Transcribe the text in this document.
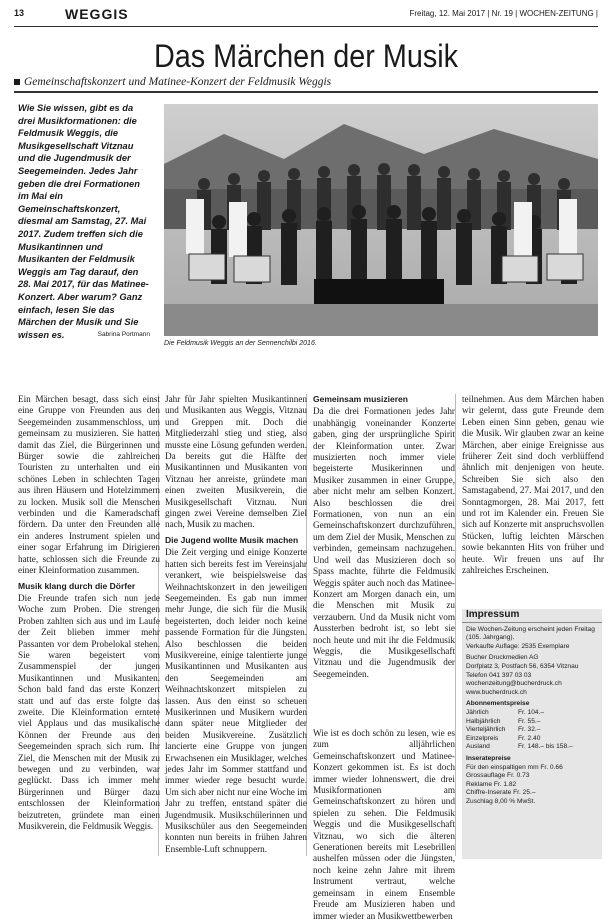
13	WEGGIS	Freitag, 12. Mai 2017 | Nr. 19 | WOCHEN-ZEITUNG |
Das Märchen der Musik
Gemeinschaftskonzert und Matinee-Konzert der Feldmusik Weggis
Wie Sie wissen, gibt es da drei Musikformationen: die Feldmusik Weggis, die Musikgesellschaft Vitznau und die Jugendmusik der Seegemeinden. Jedes Jahr geben die drei Formationen im Mai ein Gemeinschaftskonzert, diesmal am Samstag, 27. Mai 2017. Zudem treffen sich die Musikantinnen und Musikanten der Feldmusik Weggis am Tag darauf, den 28. Mai 2017, für das Matinee-Konzert. Aber warum? Ganz einfach, lesen Sie das Märchen der Musik und Sie wissen es.	Sabrina Portmann
Die Feldmusik Weggis an der Sennenchilbi 2016.

Ein Märchen besagt, dass sich einst eine Gruppe von Freunden aus den Seegemeinden zusammenschloss, um gemeinsam zu musizieren. Sie hatten damit das Ziel, die Bürgerinnen und Bürger sowie die zahlreichen Touristen zu unterhalten und ein schönes Leben in schlechten Tagen aus ihren Häusern und Hotelzimmern zu locken. Musik soll die Menschen verbinden und die Kameradschaft fördern. Da unter den Freunden alle ein anderes Instrument spielen und einer sogar Erfahrung im Dirigieren hatte, schlossen sich die Freunde zu einer Kleinformation zusammen.

Musik klang durch die Dörfer

Die Freunde trafen sich nun jede Woche zum Proben. Die strengen Proben zahlten sich aus und im Laufe der Zeit blieben immer mehr Passanten vor dem Probelokal stehen. Sie waren begeistert vom Zusammenspiel der jungen Musikantinnen und Musikanten. Schon bald fand das erste Konzert statt und auf das erste folgte das zweite. Die Kleinformation erntete viel Applaus und das musikalische Können der Freunde aus den Seegemeinden sprach sich rum. Ihr Ziel, die Menschen mit der Musik zu bewegen und zu verbinden, war geglückt. Dass ich immer mehr Bürgerinnen und Bürger dazu entschlossen der Kleinformation beizutreten, gründete man einen Musikverein, die Feldmusik Weggis.

Jahr für Jahr spielten Musikantinnen und Musikanten aus Weggis, Vitznau und Greppen mit. Doch die Mitgliederzahl stieg und stieg, also musste eine Lösung gefunden werden. Da bereits gut die Hälfte der Musikantinnen und Musikanten von Vitznau her anreiste, gründete man einen zweiten Musikverein, die Musikgesellschaft Vitznau. Nun gingen zwei Vereine demselben Ziel nach, Musik zu machen.

Die Jugend wollte Musik machen

Die Zeit verging und einige Konzerte hatten sich bereits fest im Vereinsjahr verankert, wie beispielsweise das Weihnachtskonzert in den jeweiligen Seegemeinden. Es gab nun immer mehr Junge, die sich für die Musik begeisterten, doch leider noch keine passende Formation für die Jüngsten. Also beschlossen die beiden Musikvereine, einige talentierte junge Musikantinnen und Musikanten aus den Seegemeinden am Weihnachtskonzert mitspielen zu lassen. Aus den einst so scheuen Musikerinnen und Musikern wurden dann später neue Mitglieder der beiden Musikvereine. Zusätzlich lancierte eine Gruppe von jungen Erwachsenen ein Musiklager, welches jedes Jahr im Sommer stattfand und immer wieder rege besucht wurde. Um sich aber nicht nur eine Woche im Jahr zu treffen, entstand später die Jugendmusik. Musikschülerinnen und Musikschüler aus den Seegemeinden konnten nun bereits in frühen Jahren Ensemble-Luft schnuppern.

Gemeinsam musizieren

Da die drei Formationen jedes Jahr unabhängig voneinander Konzerte gaben, ging der ursprüngliche Spirit der Kleinformation unter. Zwar musizierten noch immer viele begeisterte Musikerinnen und Musiker zusammen in einer Gruppe, aber nicht mehr am selben Konzert. Also beschlossen die drei Formationen, von nun an ein Gemeinschaftskonzert durchzuführen, um dem Ziel der Musik, Menschen zu verbinden, gemeinsam nachzugehen. Und weil das Musizieren doch so Spass machte, führte die Feldmusik Weggis später auch noch das Matinee-Konzert am Morgen danach ein, um die Menschen mit Musik zu verzaubern. Und da Musik nicht vom Aussterben bedroht ist, so lebt sie noch heute und mit ihr die Feldmusik Weggis, die Musikgesellschaft Vitznau und die Jugendmusik der Seegemeinden.

Wie ist es doch schön zu lesen, wie es zum alljährlichen Gemeinschaftskonzert und Matinee-Konzert gekommen ist. Es ist doch immer wieder lohnenswert, die drei Musikformationen am Gemeinschaftskonzert zu hören und spielen zu sehen. Die Feldmusik Weggis und die Musikgesellschaft Vitznau, wo sich die älteren Generationen bereits mit Lesebrillen aushelfen müssen oder die Jüngsten, noch keine zehn Jahre mit ihrem Instrument vertraut, welche gemeinsam in einem Ensemble Freude am Musizieren haben und immer wieder an Musikwettbewerben

teilnehmen. Aus dem Märchen haben wir gelernt, dass gute Freunde dem Leben einen Sinn geben, genau wie die Musik. Wir glauben zwar an keine Märchen, aber einige Ereignisse aus früherer Zeit sind doch verblüffend ähnlich mit denjenigen von heute. Schreiben Sie sich also den Samstagabend, 27. Mai 2017, und den Sonntagmorgen, 28. Mai 2017, fett und rot im Kalender ein. Freuen Sie sich auf Konzerte mit anspruchsvollen Stücken, luftig leichten Märschen sowie bekannten Hits von früher und heute. Wir freuen uns auf Ihr zahlreiches Erscheinen.

Impressum
Die Wochen-Zeitung erscheint jeden Freitag
(105. Jahrgang).
Verkaufte Auflage: 2535 Exemplare
Bucher Druckmedien AG
Dorfplatz 3, Postfach 56, 6354 Vitznau
Telefon 041 397 03 03
wochenzeitung@bucherdruck.ch
www.bucherdruck.ch
Abonnementspreise
Jährlich	Fr. 104.–
Halbjährlich	Fr. 55.–
Vierteljährlich	Fr. 32.–
Einzelpreis	Fr. 2.40
Ausland	Fr. 148.– bis 158.–
Inseratepreise
Für den einspaltigen mm Fr. 0.66
Grossauflage Fr. 0.73
Reklame Fr. 1.82
Chiffre-Inserate Fr. 25.–
Zuschlag 8,00 % MwSt.
